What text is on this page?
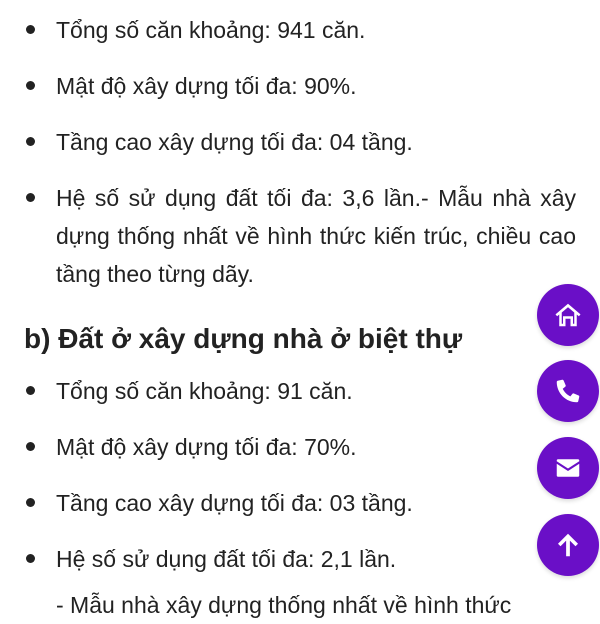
Tổng số căn khoảng: 941 căn.
Mật độ xây dựng tối đa: 90%.
Tầng cao xây dựng tối đa: 04 tầng.
Hệ số sử dụng đất tối đa: 3,6 lần.- Mẫu nhà xây dựng thống nhất về hình thức kiến trúc, chiều cao tầng theo từng dãy.
b) Đất ở xây dựng nhà ở biệt thự
Tổng số căn khoảng: 91 căn.
Mật độ xây dựng tối đa: 70%.
Tầng cao xây dựng tối đa: 03 tầng.
Hệ số sử dụng đất tối đa: 2,1 lần.
- Mẫu nhà xây dựng thống nhất về hình thức
